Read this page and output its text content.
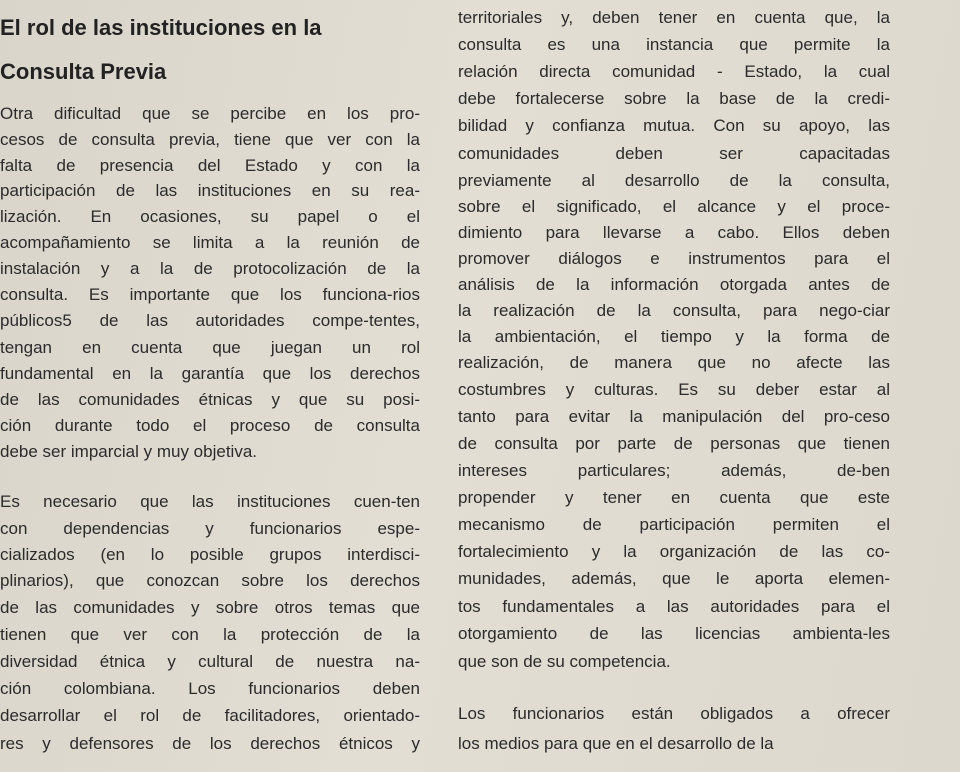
El rol de las instituciones en la
Consulta Previa
Otra dificultad que se percibe en los pro-
cesos de consulta previa, tiene que ver con la
falta de presencia del Estado y con la
participación de las instituciones en su rea-
lización. En ocasiones, su papel o el
acompañamiento se limita a la reunión de
instalación y a la de protocolización de la
consulta. Es importante que los funciona-rios
públicos5 de las autoridades compe-tentes,
tengan en cuenta que juegan un rol
fundamental en la garantía que los derechos
de las comunidades étnicas y que su posi-
ción durante todo el proceso de consulta
debe ser imparcial y muy objetiva.
Es necesario que las instituciones cuen-ten
con dependencias y funcionarios espe-
cializados (en lo posible grupos interdisci-
plinarios), que conozcan sobre los derechos
de las comunidades y sobre otros temas que
tienen que ver con la protección de la
diversidad étnica y cultural de nuestra na-
ción colombiana. Los funcionarios deben
desarrollar el rol de facilitadores, orientado-
res y defensores de los derechos étnicos y
territoriales y, deben tener en cuenta que, la
consulta es una instancia que permite la
relación directa comunidad - Estado, la cual
debe fortalecerse sobre la base de la credi-
bilidad y confianza mutua. Con su apoyo, las
comunidades deben ser capacitadas
previamente al desarrollo de la consulta,
sobre el significado, el alcance y el proce-
dimiento para llevarse a cabo. Ellos deben
promover diálogos e instrumentos para el
análisis de la información otorgada antes de
la realización de la consulta, para nego-ciar
la ambientación, el tiempo y la forma de
realización, de manera que no afecte las
costumbres y culturas. Es su deber estar al
tanto para evitar la manipulación del pro-ceso
de consulta por parte de personas que tienen
intereses particulares; además, de-ben
propender y tener en cuenta que este
mecanismo de participación permiten el
fortalecimiento y la organización de las co-
munidades, además, que le aporta elemen-
tos fundamentales a las autoridades para el
otorgamiento de las licencias ambienta-les
que son de su competencia.
Los funcionarios están obligados a ofrecer
los medios para que en el desarrollo de la
